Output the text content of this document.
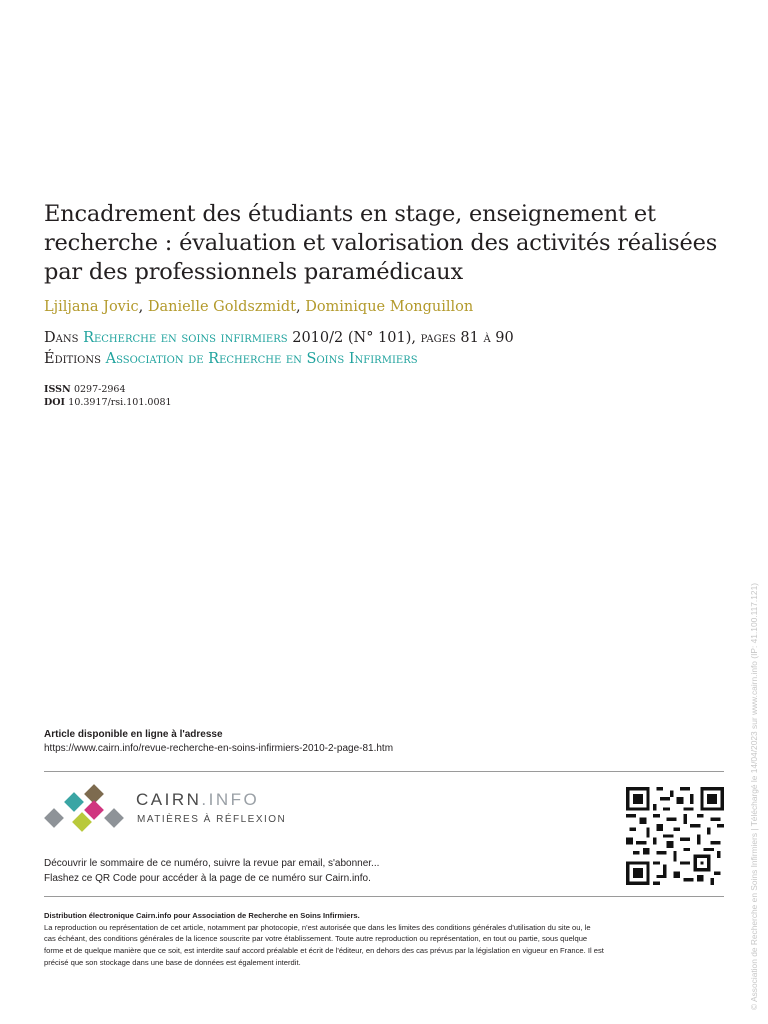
Encadrement des étudiants en stage, enseignement et recherche : évaluation et valorisation des activités réalisées par des professionnels paramédicaux
Ljiljana Jovic, Danielle Goldszmidt, Dominique Monguillon
Dans Recherche en soins infirmiers 2010/2 (N° 101), pages 81 à 90
Éditions Association de Recherche en Soins Infirmiers
ISSN 0297-2964
DOI 10.3917/rsi.101.0081
Article disponible en ligne à l'adresse
https://www.cairn.info/revue-recherche-en-soins-infirmiers-2010-2-page-81.htm
CAIRN.INFO
MATIÈRES À RÉFLEXION
Découvrir le sommaire de ce numéro, suivre la revue par email, s'abonner...
Flashez ce QR Code pour accéder à la page de ce numéro sur Cairn.info.
Distribution électronique Cairn.info pour Association de Recherche en Soins Infirmiers.
La reproduction ou représentation de cet article, notamment par photocopie, n'est autorisée que dans les limites des conditions générales d'utilisation du site ou, le
cas échéant, des conditions générales de la licence souscrite par votre établissement. Toute autre reproduction ou représentation, en tout ou partie, sous quelque
forme et de quelque manière que ce soit, est interdite sauf accord préalable et écrit de l'éditeur, en dehors des cas prévus par la législation en vigueur en France. Il est
précisé que son stockage dans une base de données est également interdit.	© Association de Recherche en Soins Infirmiers | Téléchargé le 14/04/2023 sur www.cairn.info (IP: 41.100.117.121)
